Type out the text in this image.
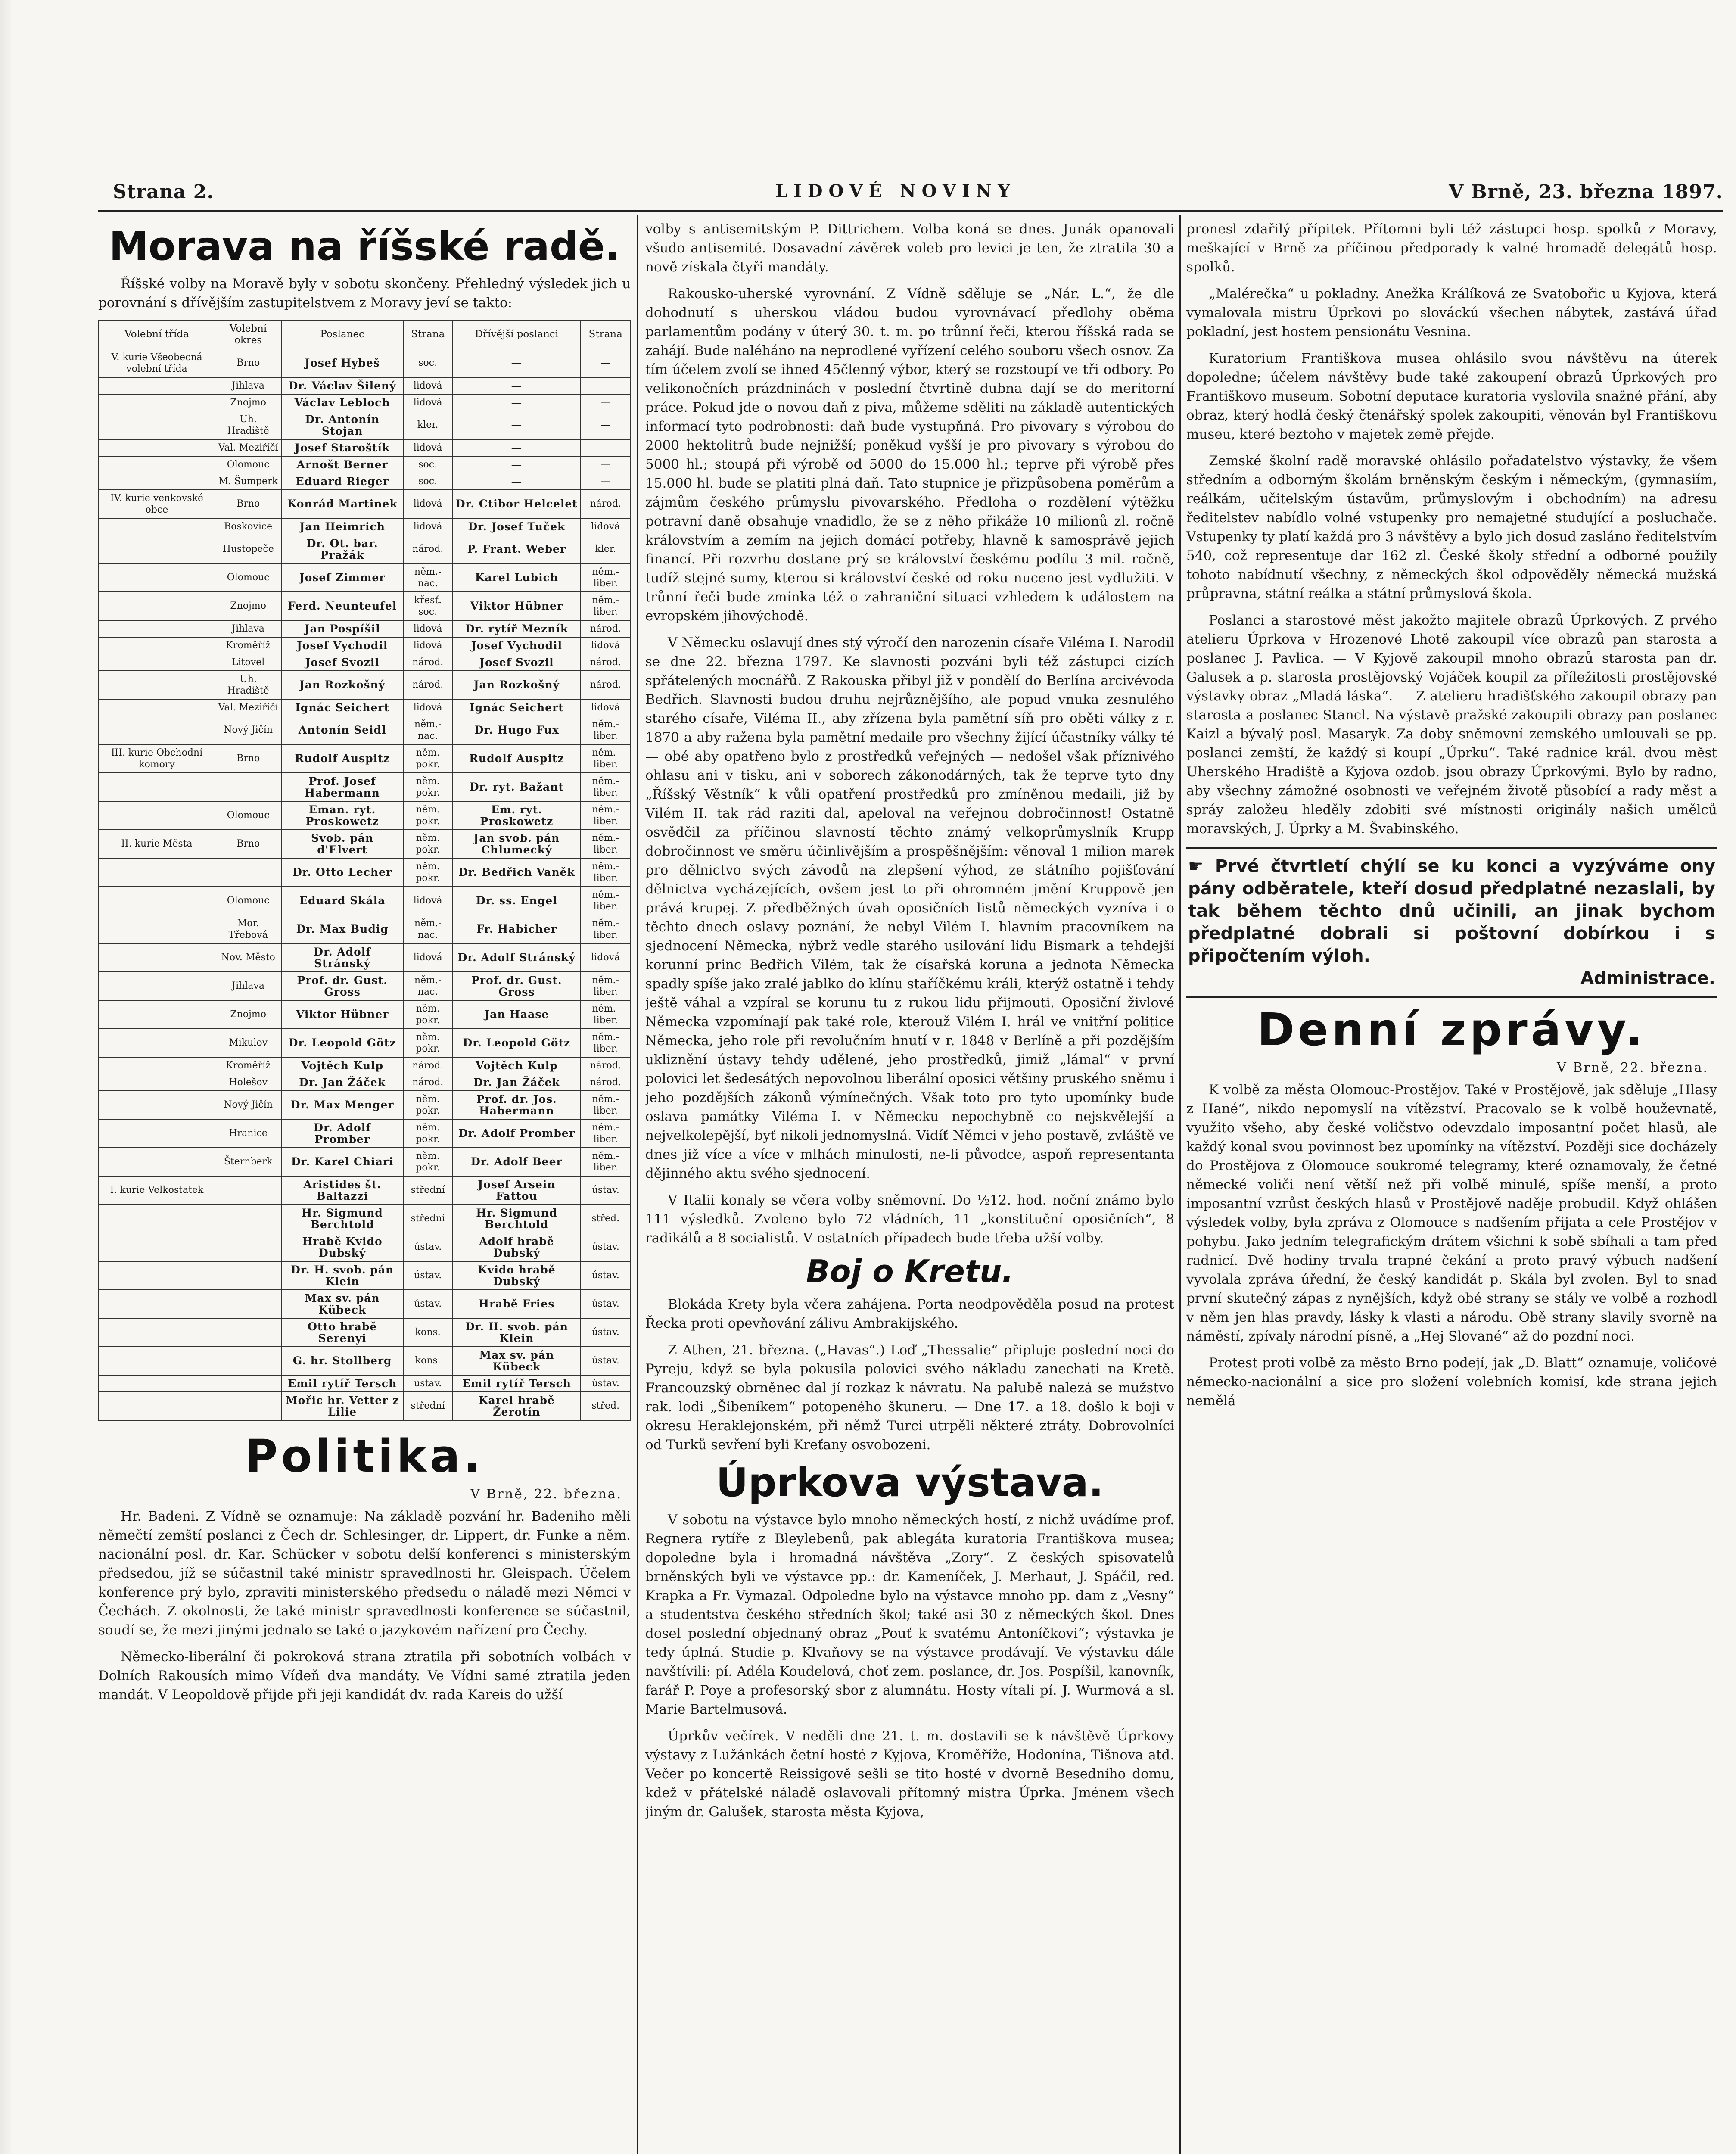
Strana 2.	LIDOVÉ NOVINY	V Brně, 23. března 1897.
Morava na říšské radě.

Říšské volby na Moravě byly v sobotu skončeny. Přehledný výsledek jich u porovnání s dřívějším zastupitelstvem z Moravy jeví se takto:

Volební třída	Volební okres	Poslanec	Strana	Dřívější poslanci	Strana
V. kurie Všeobecná volební třída	Brno	Josef Hybeš	soc.	—	—
	Jihlava	Dr. Václav Šilený	lidová	—	—
	Znojmo	Václav Lebloch	lidová	—	—
	Uh. Hradiště	Dr. Antonín Stojan	kler.	—	—
	Val. Meziříčí	Josef Staroštík	lidová	—	—
	Olomouc	Arnošt Berner	soc.	—	—
	M. Šumperk	Eduard Rieger	soc.	—	—
IV. kurie venkovské obce	Brno	Konrád Martinek	lidová	Dr. Ctibor Helcelet	národ.
	Boskovice	Jan Heimrich	lidová	Dr. Josef Tuček	lidová
	Hustopeče	Dr. Ot. bar. Pražák	národ.	P. Frant. Weber	kler.
	Olomouc	Josef Zimmer	něm.-nac.	Karel Lubich	něm.-liber.
	Znojmo	Ferd. Neunteufel	křesť. soc.	Viktor Hübner	něm.-liber.
	Jihlava	Jan Pospíšil	lidová	Dr. rytíř Mezník	národ.
	Kroměříž	Josef Vychodil	lidová	Josef Vychodil	lidová
	Litovel	Josef Svozil	národ.	Josef Svozil	národ.
	Uh. Hradiště	Jan Rozkošný	národ.	Jan Rozkošný	národ.
	Val. Meziříčí	Ignác Seichert	lidová	Ignác Seichert	lidová
	Nový Jičín	Antonín Seidl	něm.-nac.	Dr. Hugo Fux	něm.-liber.
III. kurie Obchodní komory	Brno	Rudolf Auspitz	něm. pokr.	Rudolf Auspitz	něm.-liber.
		Prof. Josef Habermann	něm. pokr.	Dr. ryt. Bažant	něm.-liber.
	Olomouc	Eman. ryt. Proskowetz	něm. pokr.	Em. ryt. Proskowetz	něm.-liber.
II. kurie Města	Brno	Svob. pán d'Elvert	něm. pokr.	Jan svob. pán Chlumecký	něm.-liber.
		Dr. Otto Lecher	něm. pokr.	Dr. Bedřich Vaněk	něm.-liber.
	Olomouc	Eduard Skála	lidová	Dr. ss. Engel	něm.-liber.
	Mor. Třebová	Dr. Max Budig	něm.-nac.	Fr. Habicher	něm.-liber.
	Nov. Město	Dr. Adolf Stránský	lidová	Dr. Adolf Stránský	lidová
	Jihlava	Prof. dr. Gust. Gross	něm.-nac.	Prof. dr. Gust. Gross	něm.-liber.
	Znojmo	Viktor Hübner	něm. pokr.	Jan Haase	něm.-liber.
	Mikulov	Dr. Leopold Götz	něm. pokr.	Dr. Leopold Götz	něm.-liber.
	Kroměříž	Vojtěch Kulp	národ.	Vojtěch Kulp	národ.
	Holešov	Dr. Jan Žáček	národ.	Dr. Jan Žáček	národ.
	Nový Jičín	Dr. Max Menger	něm. pokr.	Prof. dr. Jos. Habermann	něm.-liber.
	Hranice	Dr. Adolf Promber	něm. pokr.	Dr. Adolf Promber	něm.-liber.
	Šternberk	Dr. Karel Chiari	něm. pokr.	Dr. Adolf Beer	něm.-liber.
I. kurie Velkostatek		Aristides št. Baltazzi	střední	Josef Arsein Fattou	ústav.
		Hr. Sigmund Berchtold	střední	Hr. Sigmund Berchtold	střed.
		Hrabě Kvido Dubský	ústav.	Adolf hrabě Dubský	ústav.
		Dr. H. svob. pán Klein	ústav.	Kvido hrabě Dubský	ústav.
		Max sv. pán Kübeck	ústav.	Hrabě Fries	ústav.
		Otto hrabě Serenyi	kons.	Dr. H. svob. pán Klein	ústav.
		G. hr. Stollberg	kons.	Max sv. pán Kübeck	ústav.
		Emil rytíř Tersch	ústav.	Emil rytíř Tersch	ústav.
		Mořic hr. Vetter z Lilie	střední	Karel hrabě Žerotín	střed.
Politika.
V Brně, 22. března.

Hr. Badeni. Z Vídně se oznamuje: Na základě pozvání hr. Badeniho měli němečtí zemští poslanci z Čech dr. Schlesinger, dr. Lippert, dr. Funke a něm. nacionální posl. dr. Kar. Schücker v sobotu delší konferenci s ministerským předsedou, jíž se súčastnil také ministr spravedlnosti hr. Gleispach. Účelem konference prý bylo, zpraviti ministerského předsedu o náladě mezi Němci v Čechách. Z okolnosti, že také ministr spravedlnosti konference se súčastnil, soudí se, že mezi jinými jednalo se také o jazykovém nařízení pro Čechy.

Německo-liberální či pokroková strana ztratila při sobotních volbách v Dolních Rakousích mimo Vídeň dva mandáty. Ve Vídni samé ztratila jeden mandát. V Leopoldově přijde při jeji kandidát dv. rada Kareis do užší

volby s antisemitským P. Dittrichem. Volba koná se dnes. Junák opanovali všudo antisemité. Dosavadní závěrek voleb pro levici je ten, že ztratila 30 a nově získala čtyři mandáty.

Rakousko-uherské vyrovnání. Z Vídně sděluje se „Nár. L.“, že dle dohodnutí s uherskou vládou budou vyrovnávací předlohy oběma parlamentům podány v úterý 30. t. m. po trůnní řeči, kterou říšská rada se zahájí. Bude naléháno na neprodlené vyřízení celého souboru všech osnov. Za tím účelem zvolí se ihned 45členný výbor, který se rozstoupí ve tři odbory. Po velikonočních prázdninách v poslední čtvrtině dubna dají se do meritorní práce. Pokud jde o novou daň z piva, můžeme sděliti na základě autentických informací tyto podrobnosti: daň bude vystupňná. Pro pivovary s výrobou do 2000 hektolitrů bude nejnižší; poněkud vyšší je pro pivovary s výrobou do 5000 hl.; stoupá při výrobě od 5000 do 15.000 hl.; teprve při výrobě přes 15.000 hl. bude se platiti plná daň. Tato stupnice je přizpůsobena poměrům a zájmům českého průmyslu pivovarského. Předloha o rozdělení výtěžku potravní daně obsahuje vnadidlo, že se z něho přikáže 10 milionů zl. ročně královstvím a zemím na jejich domácí potřeby, hlavně k samosprávě jejich financí. Při rozvrhu dostane prý se království českému podílu 3 mil. ročně, tudíž stejné sumy, kterou si království české od roku nuceno jest vydlužiti. V trůnní řeči bude zmínka též o zahraniční situaci vzhledem k událostem na evropském jihovýchodě.

V Německu oslavují dnes stý výročí den narozenin císaře Viléma I. Narodil se dne 22. března 1797. Ke slavnosti pozváni byli též zástupci cizích spřátelených mocnářů. Z Rakouska přibyl již v pondělí do Berlína arcivévoda Bedřich. Slavnosti budou druhu nejrůznějšího, ale popud vnuka zesnulého starého císaře, Viléma II., aby zřízena byla pamětní síň pro oběti války z r. 1870 a aby ražena byla pamětní medaile pro všechny žijící účastníky války té — obé aby opatřeno bylo z prostředků veřejných — nedošel však příznivého ohlasu ani v tisku, ani v soborech zákonodárných, tak že teprve tyto dny „Říšský Věstník“ k vůli opatření prostředků pro zmíněnou medaili, již by Vilém II. tak rád raziti dal, apeloval na veřejnou dobročinnost! Ostatně osvědčil za příčinou slavností těchto známý velkoprůmyslník Krupp dobročinnost ve směru účinlivějším a prospěšnějším: věnoval 1 milion marek pro dělnictvo svých závodů na zlepšení výhod, ze státního pojišťování dělnictva vycházejících, ovšem jest to při ohromném jmění Kruppově jen prává krupej. Z předběžných úvah oposičních listů německých vyzníva i o těchto dnech oslavy poznání, že nebyl Vilém I. hlavním pracovníkem na sjednocení Německa, nýbrž vedle starého usilování lidu Bismark a tehdejší korunní princ Bedřich Vilém, tak že císařská koruna a jednota Německa spadly spíše jako zralé jablko do klínu staříčkému králi, kterýž ostatně i tehdy ještě váhal a vzpíral se korunu tu z rukou lidu přijmouti. Oposiční živlové Německa vzpomínají pak také role, kterouž Vilém I. hrál ve vnitřní politice Německa, jeho role při revolučním hnutí v r. 1848 v Berlíně a při pozdějším ukliznění ústavy tehdy udělené, jeho prostředků, jimiž „lámal“ v první polovici let šedesátých nepovolnou liberální oposici většiny pruského sněmu i jeho pozdějších zákonů výmínečných. Však toto pro tyto upomínky bude oslava památky Viléma I. v Německu nepochybně co nejskvělejší a nejvelkolepější, byť nikoli jednomyslná. Vidíť Němci v jeho postavě, zvláště ve dnes již více a více v mlhách minulosti, ne-li původce, aspoň representanta dějinného aktu svého sjednocení.

V Italii konaly se včera volby sněmovní. Do ½12. hod. noční známo bylo 111 výsledků. Zvoleno bylo 72 vládních, 11 „konstituční oposičních“, 8 radikálů a 8 socialistů. V ostatních případech bude třeba užší volby.

Boj o Kretu.

Blokáda Krety byla včera zahájena. Porta neodpověděla posud na protest Řecka proti opevňování zálivu Ambrakijského.

Z Athen, 21. března. („Havas“.) Loď „Thessalie“ připluje poslední noci do Pyreju, když se byla pokusila polovici svého nákladu zanechati na Kretě. Francouzský obrněnec dal jí rozkaz k návratu. Na palubě nalezá se mužstvo rak. lodi „Šibeníkem“ potopeného škuneru. — Dne 17. a 18. došlo k boji v okresu Heraklejonském, při němž Turci utrpěli některé ztráty. Dobrovolníci od Turků sevření byli Kreťany osvobozeni.

Úprkova výstava.

V sobotu na výstavce bylo mnoho německých hostí, z nichž uvádíme prof. Regnera rytíře z Bleylebenů, pak ablegáta kuratoria Františkova musea; dopoledne byla i hromadná návštěva „Zory“. Z českých spisovatelů brněnských byli ve výstavce pp.: dr. Kameníček, J. Merhaut, J. Spáčil, red. Krapka a Fr. Vymazal. Odpoledne bylo na výstavce mnoho pp. dam z „Vesny“ a studentstva českého středních škol; také asi 30 z německých škol. Dnes dosel poslední objednaný obraz „Pouť k svatému Antoníčkovi“; výstavka je tedy úplná. Studie p. Klvaňovy se na výstavce prodávají. Ve výstavku dále navštívili: pí. Adéla Koudelová, choť zem. poslance, dr. Jos. Pospíšil, kanovník, farář P. Poye a profesorský sbor z alumnátu. Hosty vítali pí. J. Wurmová a sl. Marie Bartelmusová.

Úprkův večírek. V neděli dne 21. t. m. dostavili se k návštěvě Úprkovy výstavy z Lužánkách četní hosté z Kyjova, Kroměříže, Hodonína, Tišnova atd. Večer po koncertě Reissigově sešli se tito hosté v dvorně Besedního domu, kdež v přátelské náladě oslavovali přítomný mistra Úprka. Jménem všech jiným dr. Galušek, starosta města Kyjova,

pronesl zdařilý přípitek. Přítomni byli též zástupci hosp. spolků z Moravy, meškající v Brně za příčinou předporady k valné hromadě delegátů hosp. spolků.

„Malérečka“ u pokladny. Anežka Králíková ze Svatobořic u Kyjova, která vymalovala mistru Úprkovi po slováckú všechen nábytek, zastává úřad pokladní, jest hostem pensionátu Vesnina.

Kuratorium Františkova musea ohlásilo svou návštěvu na úterek dopoledne; účelem návštěvy bude také zakoupení obrazů Úprkových pro Františkovo museum. Sobotní deputace kuratoria vyslovila snažné přání, aby obraz, který hodlá český čtenářský spolek zakoupiti, věnován byl Františkovu museu, které beztoho v majetek země přejde.

Zemské školní radě moravské ohlásilo pořadatelstvo výstavky, že všem středním a odborným školám brněnským českým i německým, (gymnasiím, reálkám, učitelským ústavům, průmyslovým i obchodním) na adresu ředitelstev nabídlo volné vstupenky pro nemajetné studující a posluchače. Vstupenky ty platí každá pro 3 návštěvy a bylo jich dosud zasláno ředitelstvím 540, což representuje dar 162 zl. České školy střední a odborné použily tohoto nabídnutí všechny, z německých škol odpověděly německá mužská průpravna, státní reálka a státní průmyslová škola.

Poslanci a starostové měst jakožto majitele obrazů Úprkových. Z prvého atelieru Úprkova v Hrozenové Lhotě zakoupil více obrazů pan starosta a poslanec J. Pavlica. — V Kyjově zakoupil mnoho obrazů starosta pan dr. Galusek a p. starosta prostějovský Vojáček koupil za příležitosti prostějovské výstavky obraz „Mladá láska“. — Z atelieru hradišťského zakoupil obrazy pan starosta a poslanec Stancl. Na výstavě pražské zakoupili obrazy pan poslanec Kaizl a bývalý posl. Masaryk. Za doby sněmovní zemského umlouvali se pp. poslanci zemští, že každý si koupí „Úprku“. Také radnice král. dvou měst Uherského Hradiště a Kyjova ozdob. jsou obrazy Úprkovými. Bylo by radno, aby všechny zámožné osobnosti ve veřejném životě působící a rady měst a spráy založeu hleděly zdobiti své místnosti originály našich umělců moravských, J. Úprky a M. Švabinského.

☛ Prvé čtvrtletí chýlí se ku konci a vyzýváme ony pány odběratele, kteří dosud předplatné nezaslali, by tak během těchto dnů učinili, an jinak bychom předplatné dobrali si poštovní dobírkou i s připočtením výloh.
Administrace.
Denní zprávy.
V Brně, 22. března.

K volbě za města Olomouc-Prostějov. Také v Prostějově, jak sděluje „Hlasy z Hané“, nikdo nepomyslí na vítězství. Pracovalo se k volbě houževnatě, využito všeho, aby české voličstvo odevzdalo imposantní počet hlasů, ale každý konal svou povinnost bez upomínky na vítězství. Později sice docházely do Prostějova z Olomouce soukromé telegramy, které oznamovaly, že četné německé voliči není větší než při volbě minulé, spíše menší, a proto imposantní vzrůst českých hlasů v Prostějově naděje probudil. Když ohlášen výsledek volby, byla zpráva z Olomouce s nadšením přijata a cele Prostějov v pohybu. Jako jedním telegrafickým drátem všichni k sobě sbíhali a tam před radnicí. Dvě hodiny trvala trapné čekání a proto pravý výbuch nadšení vyvolala zpráva úřední, že český kandidát p. Skála byl zvolen. Byl to snad první skutečný zápas z nynějších, když obé strany se stály ve volbě a rozhodl v něm jen hlas pravdy, lásky k vlasti a národu. Obě strany slavily svorně na náměstí, zpívaly národní písně, a „Hej Slované“ až do pozdní noci.

Protest proti volbě za město Brno podejí, jak „D. Blatt“ oznamuje, voličové německo-nacionální a sice pro složení volebních komisí, kde strana jejich nemělá
